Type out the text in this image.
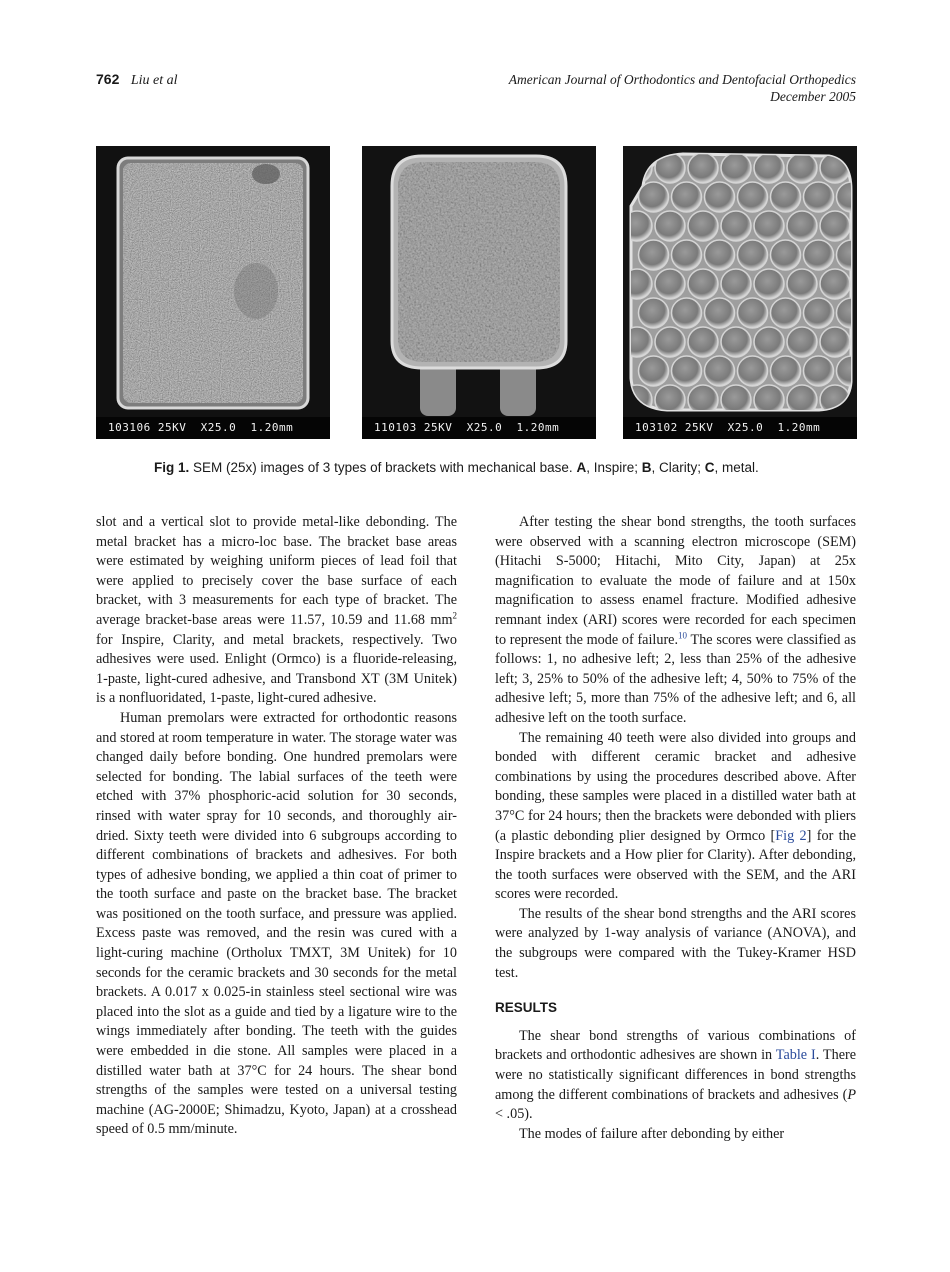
762 Liu et al	American Journal of Orthodontics and Dentofacial Orthopedics
December 2005
103106 25KV  X25.0  1.20mm	110103 25KV  X25.0  1.20mm	103102 25KV  X25.0  1.20mm
Fig 1. SEM (25x) images of 3 types of brackets with mechanical base. A, Inspire; B, Clarity; C, metal.

slot and a vertical slot to provide metal-like debonding. The metal bracket has a micro-loc base. The bracket base areas were estimated by weighing uniform pieces of lead foil that were applied to precisely cover the base surface of each bracket, with 3 measurements for each type of bracket. The average bracket-base areas were 11.57, 10.59 and 11.68 $mm^2$ for Inspire, Clarity, and metal brackets, respectively. Two adhesives were used. Enlight (Ormco) is a fluoride-releasing, 1-paste, light-cured adhesive, and Transbond XT (3M Unitek) is a nonfluoridated, 1-paste, light-cured adhesive.

Human premolars were extracted for orthodontic reasons and stored at room temperature in water. The storage water was changed daily before bonding. One hundred premolars were selected for bonding. The labial surfaces of the teeth were etched with 37% phosphoric-acid solution for 30 seconds, rinsed with water spray for 10 seconds, and thoroughly air-dried. Sixty teeth were divided into 6 subgroups according to different combinations of brackets and adhesives. For both types of adhesive bonding, we applied a thin coat of primer to the tooth surface and paste on the bracket base. The bracket was positioned on the tooth surface, and pressure was applied. Excess paste was removed, and the resin was cured with a light-curing machine (Ortholux TMXT, 3M Unitek) for 10 seconds for the ceramic brackets and 30 seconds for the metal brackets. A 0.017 x 0.025-in stainless steel sectional wire was placed into the slot as a guide and tied by a ligature wire to the wings immediately after bonding. The teeth with the guides were embedded in die stone. All samples were placed in a distilled water bath at 37°C for 24 hours. The shear bond strengths of the samples were tested on a universal testing machine (AG-2000E; Shimadzu, Kyoto, Japan) at a crosshead speed of 0.5 mm/minute.

After testing the shear bond strengths, the tooth surfaces were observed with a scanning electron microscope (SEM) (Hitachi S-5000; Hitachi, Mito City, Japan) at 25x magnification to evaluate the mode of failure and at 150x magnification to assess enamel fracture. Modified adhesive remnant index (ARI) scores were recorded for each specimen to represent the mode of failure.$^{10}$ The scores were classified as follows: 1, no adhesive left; 2, less than 25% of the adhesive left; 3, 25% to 50% of the adhesive left; 4, 50% to 75% of the adhesive left; 5, more than 75% of the adhesive left; and 6, all adhesive left on the tooth surface.

The remaining 40 teeth were also divided into groups and bonded with different ceramic bracket and adhesive combinations by using the procedures described above. After bonding, these samples were placed in a distilled water bath at 37°C for 24 hours; then the brackets were debonded with pliers (a plastic debonding plier designed by Ormco [Fig 2] for the Inspire brackets and a How plier for Clarity). After debonding, the tooth surfaces were observed with the SEM, and the ARI scores were recorded.

The results of the shear bond strengths and the ARI scores were analyzed by 1-way analysis of variance (ANOVA), and the subgroups were compared with the Tukey-Kramer HSD test.

RESULTS

The shear bond strengths of various combinations of brackets and orthodontic adhesives are shown in Table I. There were no statistically significant differences in bond strengths among the different combinations of brackets and adhesives (P < .05).

The modes of failure after debonding by either
